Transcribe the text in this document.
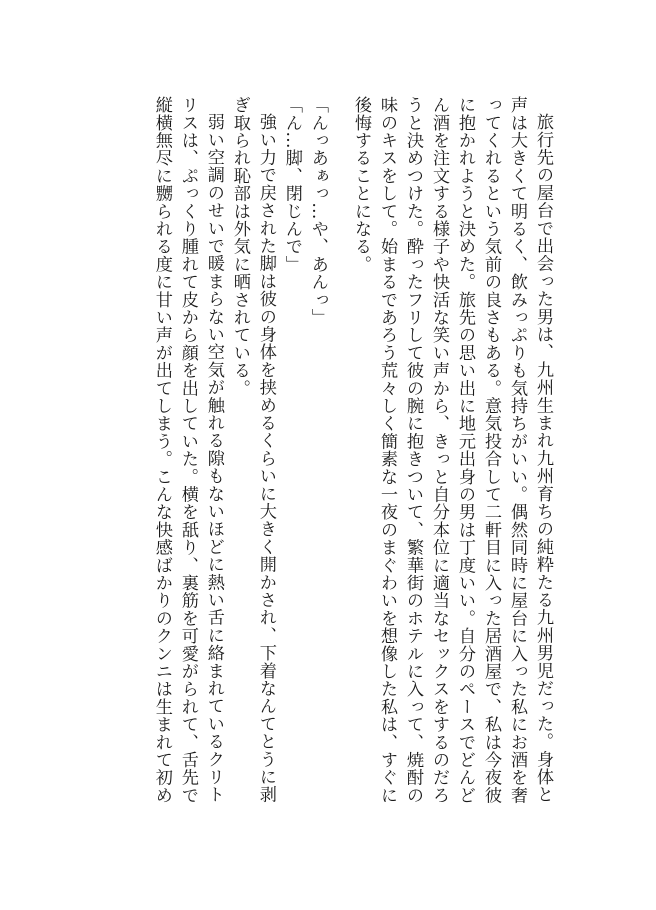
旅行先の屋台で出会った男は、九州生まれ九州育ちの純粋たる九州男児だった。身体と声は大きくて明るく、飲みっぷりも気持ちがいい。偶然同時に屋台に入った私にお酒を奢ってくれるという気前の良さもある。意気投合して二軒目に入った居酒屋で、私は今夜彼に抱かれようと決めた。旅先の思い出に地元出身の男は丁度いい。自分のペースでどんどん酒を注文する様子や快活な笑い声から、きっと自分本位に適当なセックスをするのだろうと決めつけた。酔ったフリして彼の腕に抱きついて、繁華街のホテルに入って、焼酎の味のキスをして。始まるであろう荒々しく簡素な一夜のまぐわいを想像した私は、すぐに後悔することになる。

「んっあぁっ…や、あんっ」

「ん…脚、閉じんで」

強い力で戻された脚は彼の身体を挟めるくらいに大きく開かされ、下着なんてとうに剥ぎ取られ恥部は外気に晒されている。

弱い空調のせいで暖まらない空気が触れる隙もないほどに熱い舌に絡まれているクリトリスは、ぷっくり腫れて皮から顔を出していた。横を舐り、裏筋を可愛がられて、舌先で縦横無尽に嬲られる度に甘い声が出てしまう。こんな快感ばかりのクンニは生まれて初め
